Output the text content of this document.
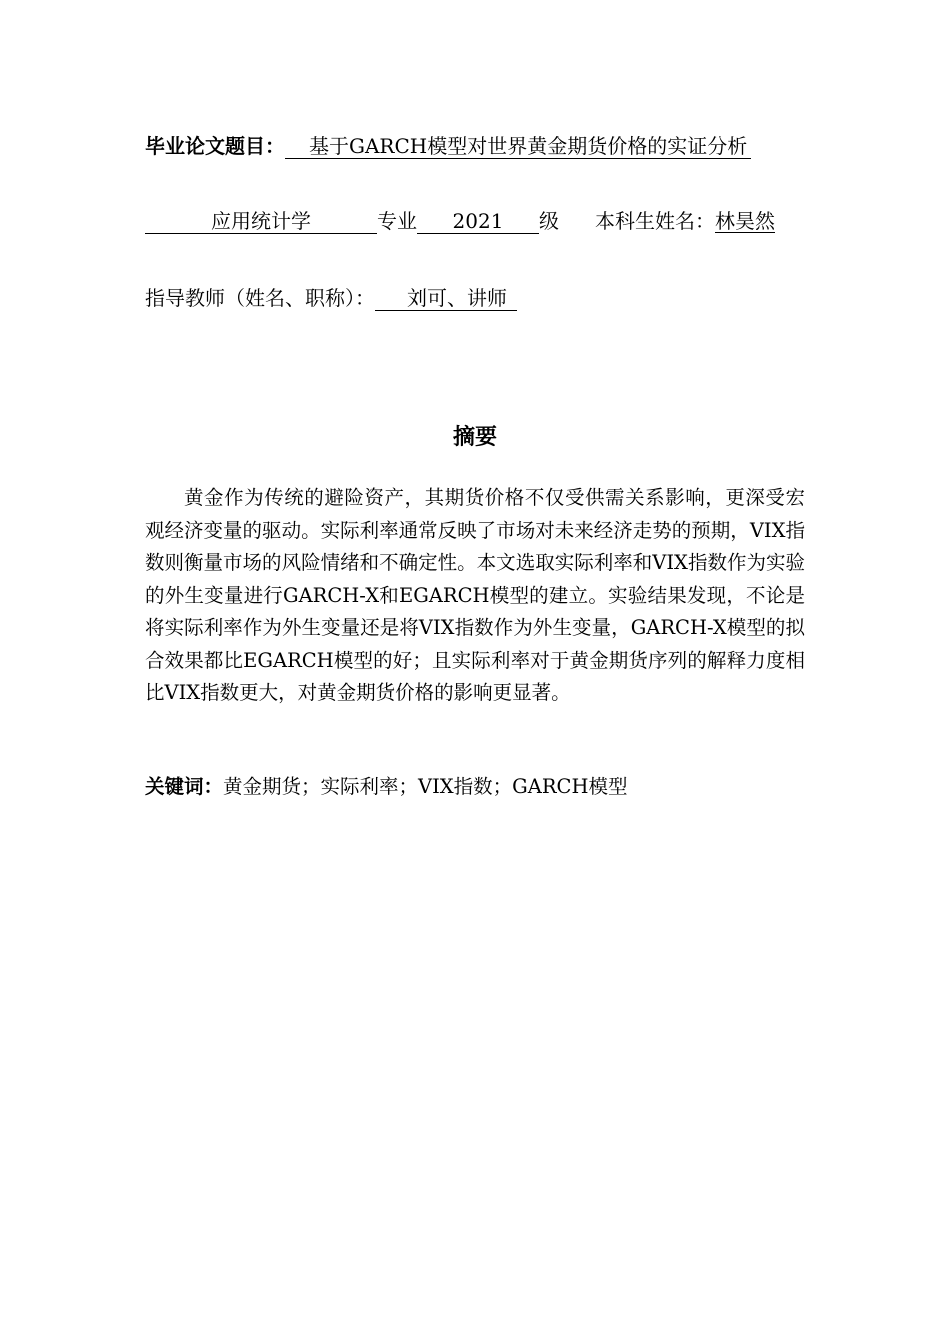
毕业论文题目： 基于GARCH模型对世界黄金期货价格的实证分析
应用统计学	专业 2021 级 本科生姓名：林昊然
指导教师（姓名、职称）： 刘可、讲师
摘要

黄金作为传统的避险资产，其期货价格不仅受供需关系影响，更深受宏观经济变量的驱动。实际利率通常反映了市场对未来经济走势的预期，VIX指数则衡量市场的风险情绪和不确定性。本文选取实际利率和VIX指数作为实验的外生变量进行GARCH-X和EGARCH模型的建立。实验结果发现，不论是将实际利率作为外生变量还是将VIX指数作为外生变量，GARCH-X模型的拟合效果都比EGARCH模型的好；且实际利率对于黄金期货序列的解释力度相比VIX指数更大，对黄金期货价格的影响更显著。

关键词：黄金期货；实际利率；VIX指数；GARCH模型
